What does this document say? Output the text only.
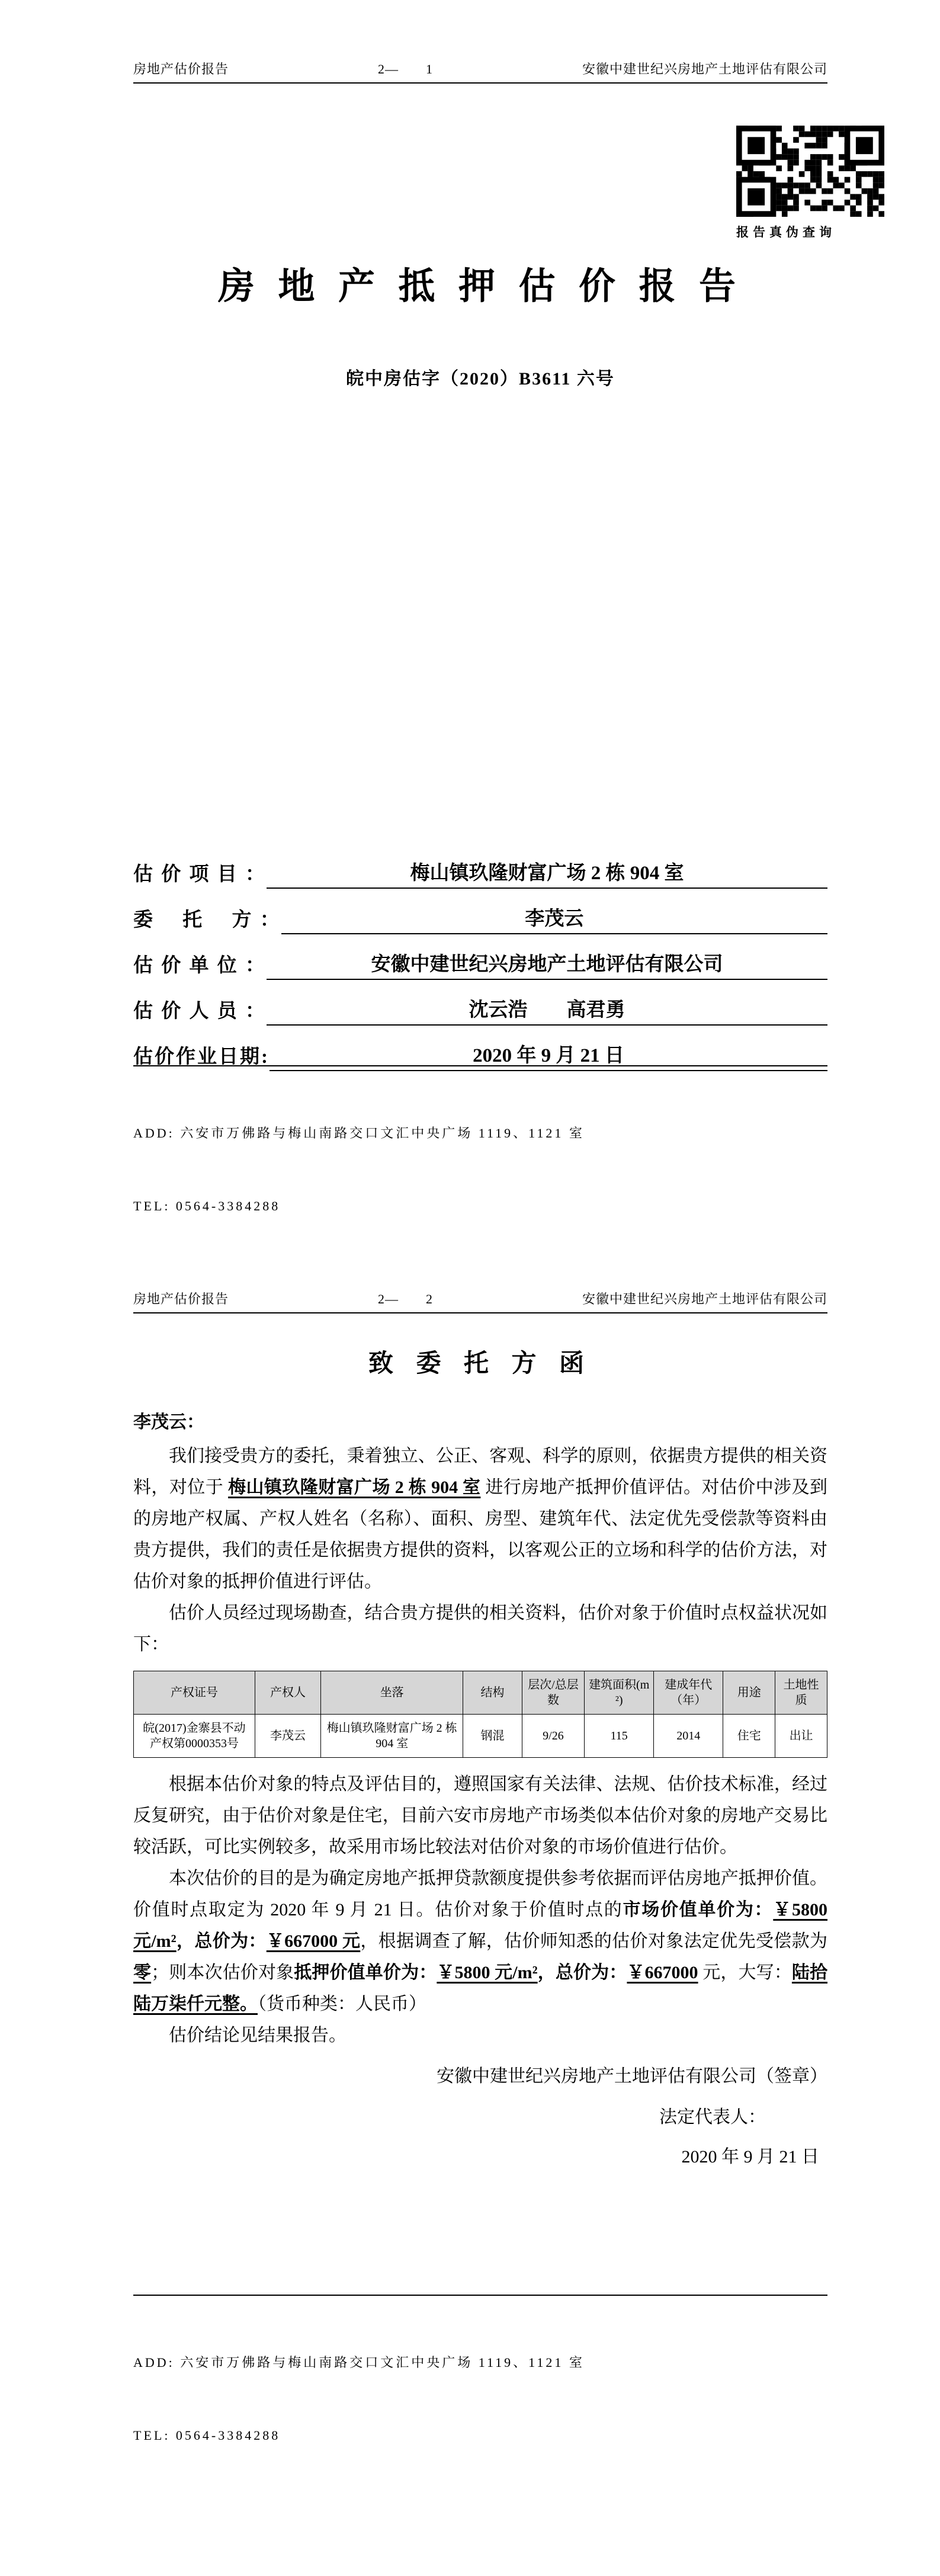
房地产估价报告	2—　　1	安徽中建世纪兴房地产土地评估有限公司
报告真伪查询
房 地 产 抵 押 估 价 报 告
皖中房估字（2020）B3611 六号
估 价 项 目 ：	梅山镇玖隆财富广场 2 栋 904 室
委　 托　 方 ：	李茂云
估 价 单 位 ：	安徽中建世纪兴房地产土地评估有限公司
估 价 人 员 ：	沈云浩　　高君勇
估价作业日期:	2020 年 9 月 21 日

ADD: 六安市万佛路与梅山南路交口文汇中央广场 1119、1121 室

TEL: 0564-3384288

房地产估价报告	2—　　2	安徽中建世纪兴房地产土地评估有限公司
致 委 托 方 函
李茂云：

我们接受贵方的委托，秉着独立、公正、客观、科学的原则，依据贵方提供的相关资料，对位于 梅山镇玖隆财富广场 2 栋 904 室 进行房地产抵押价值评估。对估价中涉及到的房地产权属、产权人姓名（名称）、面积、房型、建筑年代、法定优先受偿款等资料由贵方提供，我们的责任是依据贵方提供的资料，以客观公正的立场和科学的估价方法，对估价对象的抵押价值进行评估。

估价人员经过现场勘查，结合贵方提供的相关资料，估价对象于价值时点权益状况如下：

产权证号	产权人	坐落	结构	层次/总层数	建筑面积(m²)	建成年代（年）	用途	土地性质
皖(2017)金寨县不动产权第0000353号	李茂云	梅山镇玖隆财富广场 2 栋 904 室	钢混	9/26	115	2014	住宅	出让

根据本估价对象的特点及评估目的，遵照国家有关法律、法规、估价技术标准，经过反复研究，由于估价对象是住宅，目前六安市房地产市场类似本估价对象的房地产交易比较活跃，可比实例较多，故采用市场比较法对估价对象的市场价值进行估价。

本次估价的目的是为确定房地产抵押贷款额度提供参考依据而评估房地产抵押价值。价值时点取定为 2020 年 9 月 21 日。估价对象于价值时点的市场价值单价为：￥5800 元/m²，总价为：￥667000 元，根据调查了解，估价师知悉的估价对象法定优先受偿款为零；则本次估价对象抵押价值单价为：￥5800 元/m²，总价为：￥667000 元，大写：陆拾陆万柒仟元整。（货币种类：人民币）

估价结论见结果报告。

安徽中建世纪兴房地产土地评估有限公司（签章）
法定代表人：
2020 年 9 月 21 日

ADD: 六安市万佛路与梅山南路交口文汇中央广场 1119、1121 室

TEL: 0564-3384288
